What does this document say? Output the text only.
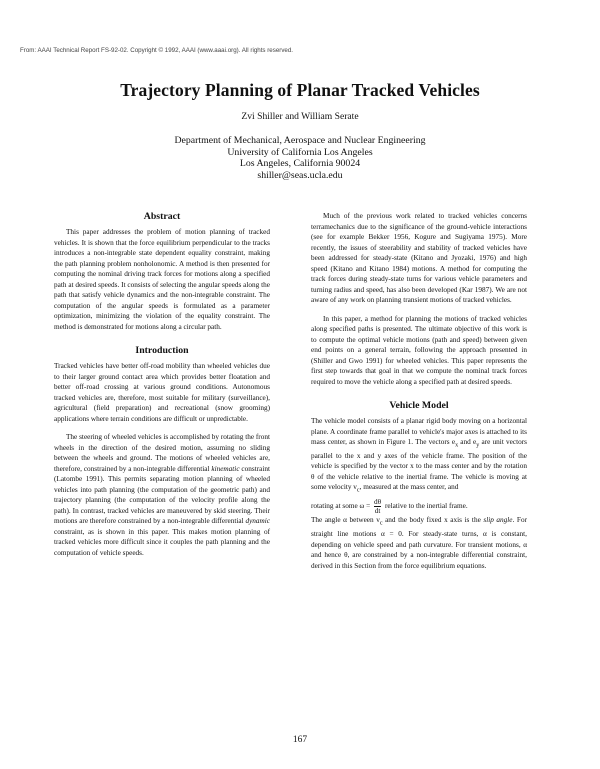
From: AAAI Technical Report FS-92-02. Copyright © 1992, AAAI (www.aaai.org). All rights reserved.
Trajectory Planning of Planar Tracked Vehicles
Zvi Shiller and William Serate
Department of Mechanical, Aerospace and Nuclear Engineering
University of California Los Angeles
Los Angeles, California 90024
shiller@seas.ucla.edu
Abstract

This paper addresses the problem of motion planning of tracked vehicles. It is shown that the force equilibrium perpendicular to the tracks introduces a non-integrable state dependent equality constraint, making the path planning problem nonholonomic. A method is then presented for computing the nominal driving track forces for motions along a specified path at desired speeds. It consists of selecting the angular speeds along the path that satisfy vehicle dynamics and the non-integrable constraint. The computation of the angular speeds is formulated as a parameter optimization, minimizing the violation of the equality constraint. The method is demonstrated for motions along a circular path.

Introduction

Tracked vehicles have better off-road mobility than wheeled vehicles due to their larger ground contact area which provides better floatation and better off-road crossing at various ground conditions. Autonomous tracked vehicles are, therefore, most suitable for military (surveillance), agricultural (field preparation) and recreational (snow grooming) applications where terrain conditions are difficult or unpredictable.

The steering of wheeled vehicles is accomplished by rotating the front wheels in the direction of the desired motion, assuming no sliding between the wheels and ground. The motions of wheeled vehicles are, therefore, constrained by a non-integrable differential kinematic constraint (Latombe 1991). This permits separating motion planning of wheeled vehicles into path planning (the computation of the geometric path) and trajectory planning (the computation of the velocity profile along the path). In contrast, tracked vehicles are maneuvered by skid steering. Their motions are therefore constrained by a non-integrable differential dynamic constraint, as is shown in this paper. This makes motion planning of tracked vehicles more difficult since it couples the path planning and the computation of vehicle speeds.

Much of the previous work related to tracked vehicles concerns terramechanics due to the significance of the ground-vehicle interactions (see for example Bekker 1956, Kogure and Sugiyama 1975). More recently, the issues of steerability and stability of tracked vehicles have been addressed for steady-state (Kitano and Jyozaki, 1976) and high speed (Kitano and Kitano 1984) motions. A method for computing the track forces during steady-state turns for various vehicle parameters and turning radius and speed, has also been developed (Kar 1987). We are not aware of any work on planning transient motions of tracked vehicles.

In this paper, a method for planning the motions of tracked vehicles along specified paths is presented. The ultimate objective of this work is to compute the optimal vehicle motions (path and speed) between given end points on a general terrain, following the approach presented in (Shiller and Gwo 1991) for wheeled vehicles. This paper represents the first step towards that goal in that we compute the nominal track forces required to move the vehicle along a specified path at desired speeds.

Vehicle Model

The vehicle model consists of a planar rigid body moving on a horizontal plane. A coordinate frame parallel to vehicle's major axes is attached to its mass center, as shown in Figure 1. The vectors $e_x$ and $e_y$ are unit vectors parallel to the x and y axes of the vehicle frame. The position of the vehicle is specified by the vector x to the mass center and by the rotation θ of the vehicle relative to the inertial frame. The vehicle is moving at some velocity $v_c$, measured at the mass center, and

rotating at some $\omega = \frac{d\theta}{dt}$ relative to the inertial frame.

The angle α between $v_c$ and the body fixed x axis is the slip angle. For straight line motions α = 0. For steady-state turns, α is constant, depending on vehicle speed and path curvature. For transient motions, α and hence θ, are constrained by a non-integrable differential constraint, derived in this Section from the force equilibrium equations.

167
